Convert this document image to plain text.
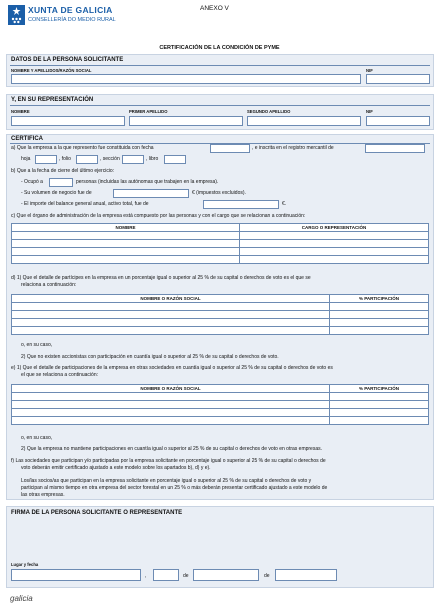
XUNTA DE GALICIA
CONSELLERÍA DO MEDIO RURAL
ANEXO V
CERTIFICACIÓN DE LA CONDICIÓN DE PYME
DATOS DE LA PERSONA SOLICITANTE
NOMBRE Y APELLIDOS/RAZÓN SOCIAL	NIF
Y, EN SU REPRESENTACIÓN
NOMBRE	PRIMER APELLIDO	SEGUNDO APELLIDO	NIF
CERTIFICA
a) Que la empresa a la que represento fue constituida con fecha	, e inscrita en el registro mercantil de
hoja	, folio	, sección	, libro
b) Que a la fecha de cierre del último ejercicio:
- Ocupó a	personas (incluidas las autónomas que trabajen en la empresa).
- Su volumen de negocio fue de	€ (impuestos excluidos).
- El importe del balance general anual, activo total, fue de	€.
c) Que el órgano de administración de la empresa está compuesto por las personas y con el cargo que se relacionan a continuación:
NOMBRE	CARGO O REPRESENTACIÓN

d) 1) Que el detalle de partícipes en la empresa en un porcentaje igual o superior al 25 % de su capital o derechos de voto es el que se
relaciona a continuación:
NOMBRE O RAZÓN SOCIAL	% PARTICIPACIÓN

o, en su caso,
2) Que no existen accionistas con participación en cuantía igual o superior al 25 % de su capital o derechos de voto.
e) 1) Que el detalle de participaciones de la empresa en otras sociedades en cuantía igual o superior al 25 % de su capital o derechos de voto es
el que se relaciona a continuación:
NOMBRE O RAZÓN SOCIAL	% PARTICIPACIÓN

o, en su caso,
2) Que la empresa no mantiene participaciones en cuantía igual o superior al 25 % de su capital o derechos de voto en otras empresas.
f) Las sociedades que participan y/o participadas por la empresa solicitante en porcentaje igual o superior al 25 % de su capital o derechos de
voto deberán emitir certificado ajustado a este modelo sobre los apartados b), d) y e).
Los/las socios/as que participan en la empresa solicitante en porcentaje igual o superior al 25 % de su capital o derechos de voto y
participan al mismo tiempo en otra empresa del sector forestal en un 25 % o más deberán presentar certificado ajustado a este modelo de
las otras empresas.
FIRMA DE LA PERSONA SOLICITANTE O REPRESENTANTE
Lugar y fecha
,	de	de
galicia
